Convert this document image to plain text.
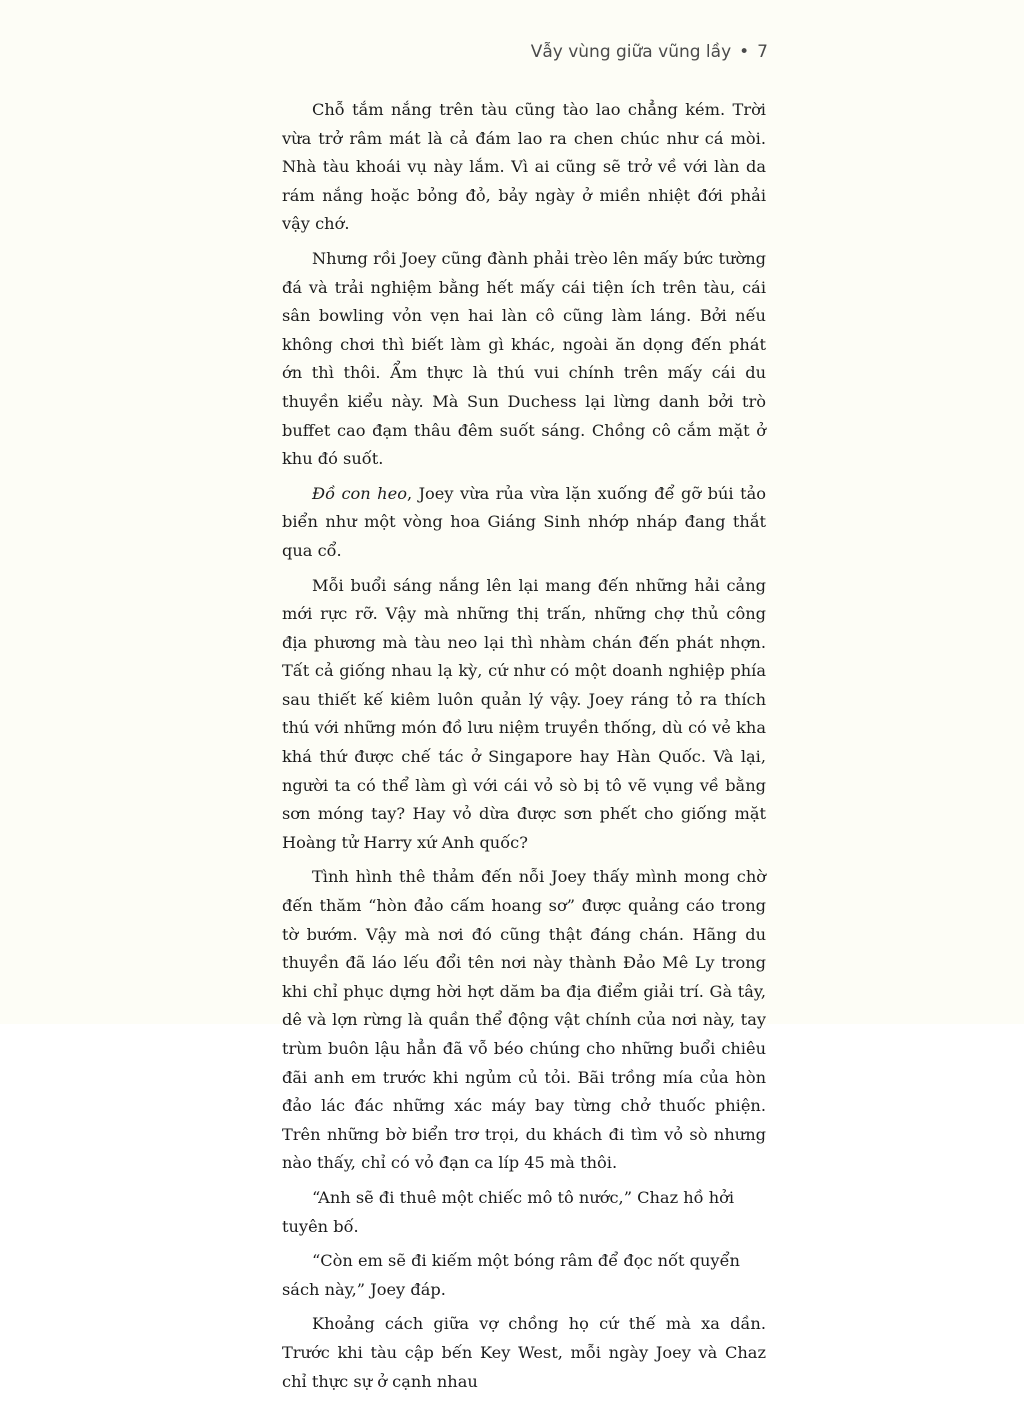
Vẫy vùng giữa vũng lầy • 7

Chỗ tắm nắng trên tàu cũng tào lao chẳng kém. Trời vừa trở râm mát là cả đám lao ra chen chúc như cá mòi. Nhà tàu khoái vụ này lắm. Vì ai cũng sẽ trở về với làn da rám nắng hoặc bỏng đỏ, bảy ngày ở miền nhiệt đới phải vậy chớ.

Nhưng rồi Joey cũng đành phải trèo lên mấy bức tường đá và trải nghiệm bằng hết mấy cái tiện ích trên tàu, cái sân bowling vỏn vẹn hai làn cô cũng làm láng. Bởi nếu không chơi thì biết làm gì khác, ngoài ăn dọng đến phát ớn thì thôi. Ẩm thực là thú vui chính trên mấy cái du thuyền kiểu này. Mà Sun Duchess lại lừng danh bởi trò buffet cao đạm thâu đêm suốt sáng. Chồng cô cắm mặt ở khu đó suốt.

Đồ con heo, Joey vừa rủa vừa lặn xuống để gỡ búi tảo biển như một vòng hoa Giáng Sinh nhớp nháp đang thắt qua cổ.

Mỗi buổi sáng nắng lên lại mang đến những hải cảng mới rực rỡ. Vậy mà những thị trấn, những chợ thủ công địa phương mà tàu neo lại thì nhàm chán đến phát nhợn. Tất cả giống nhau lạ kỳ, cứ như có một doanh nghiệp phía sau thiết kế kiêm luôn quản lý vậy. Joey ráng tỏ ra thích thú với những món đồ lưu niệm truyền thống, dù có vẻ kha khá thứ được chế tác ở Singapore hay Hàn Quốc. Và lại, người ta có thể làm gì với cái vỏ sò bị tô vẽ vụng về bằng sơn móng tay? Hay vỏ dừa được sơn phết cho giống mặt Hoàng tử Harry xứ Anh quốc?

Tình hình thê thảm đến nỗi Joey thấy mình mong chờ đến thăm “hòn đảo cấm hoang sơ” được quảng cáo trong tờ bướm. Vậy mà nơi đó cũng thật đáng chán. Hãng du thuyền đã láo lếu đổi tên nơi này thành Đảo Mê Ly trong khi chỉ phục dựng hời hợt dăm ba địa điểm giải trí. Gà tây, dê và lợn rừng là quần thể động vật chính của nơi này, tay trùm buôn lậu hẳn đã vỗ béo chúng cho những buổi chiêu đãi anh em trước khi ngủm củ tỏi. Bãi trồng mía của hòn đảo lác đác những xác máy bay từng chở thuốc phiện. Trên những bờ biển trơ trọi, du khách đi tìm vỏ sò nhưng nào thấy, chỉ có vỏ đạn ca líp 45 mà thôi.

“Anh sẽ đi thuê một chiếc mô tô nước,” Chaz hồ hởi tuyên bố.

“Còn em sẽ đi kiếm một bóng râm để đọc nốt quyển sách này,” Joey đáp.

Khoảng cách giữa vợ chồng họ cứ thế mà xa dần. Trước khi tàu cập bến Key West, mỗi ngày Joey và Chaz chỉ thực sự ở cạnh nhau
